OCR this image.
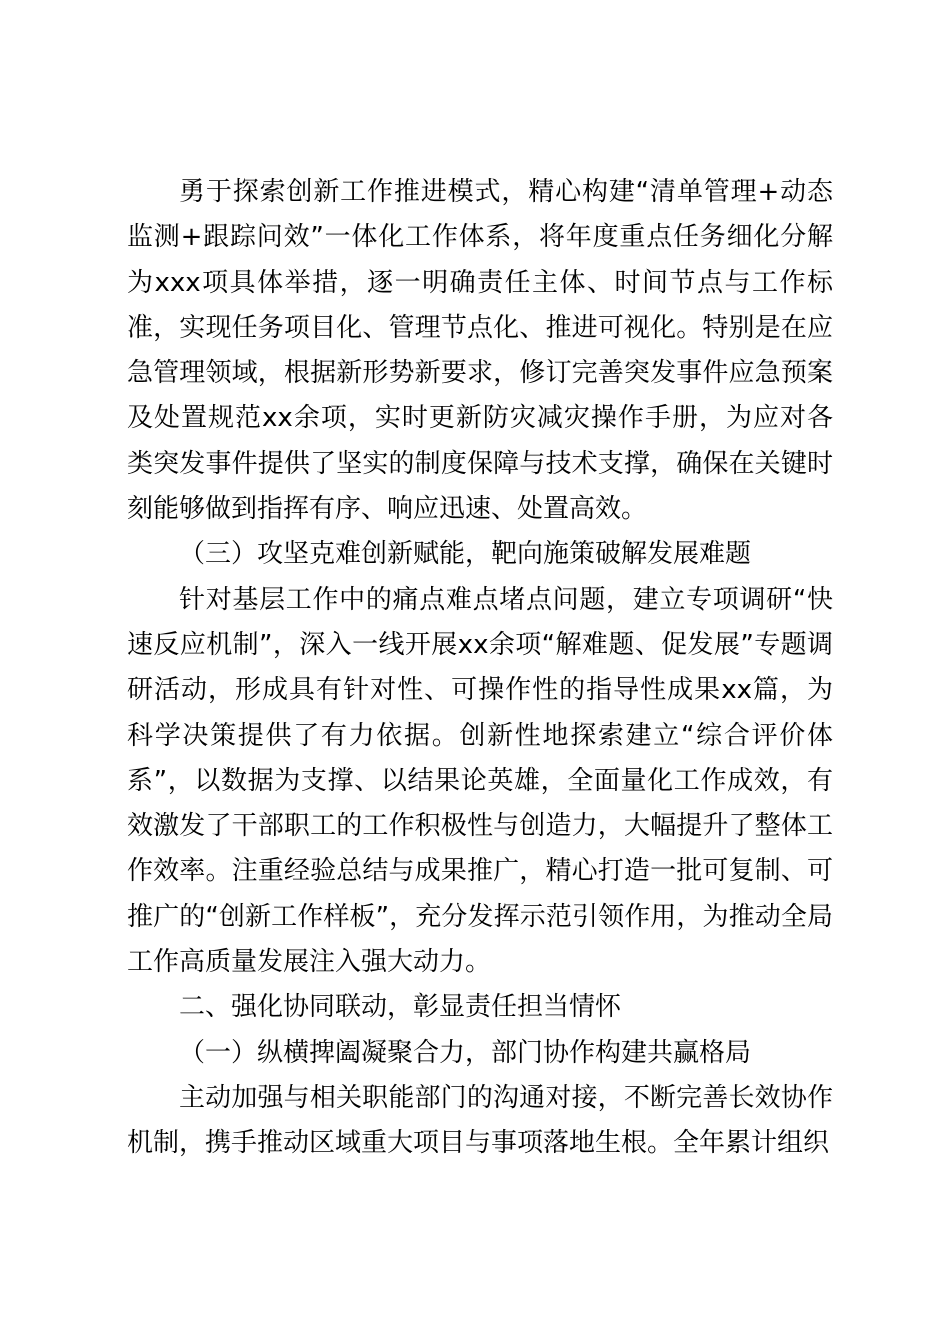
勇于探索创新工作推进模式，精心构建“清单管理+动态监测+跟踪问效”一体化工作体系，将年度重点任务细化分解为xxx项具体举措，逐一明确责任主体、时间节点与工作标准，实现任务项目化、管理节点化、推进可视化。特别是在应急管理领域，根据新形势新要求，修订完善突发事件应急预案及处置规范xx余项，实时更新防灾减灾操作手册，为应对各类突发事件提供了坚实的制度保障与技术支撑，确保在关键时刻能够做到指挥有序、响应迅速、处置高效。

（三）攻坚克难创新赋能，靶向施策破解发展难题

针对基层工作中的痛点难点堵点问题，建立专项调研“快速反应机制”，深入一线开展xx余项“解难题、促发展”专题调研活动，形成具有针对性、可操作性的指导性成果xx篇，为科学决策提供了有力依据。创新性地探索建立“综合评价体系”，以数据为支撑、以结果论英雄，全面量化工作成效，有效激发了干部职工的工作积极性与创造力，大幅提升了整体工作效率。注重经验总结与成果推广，精心打造一批可复制、可推广的“创新工作样板”，充分发挥示范引领作用，为推动全局工作高质量发展注入强大动力。

二、强化协同联动，彰显责任担当情怀

（一）纵横捭阖凝聚合力，部门协作构建共赢格局

主动加强与相关职能部门的沟通对接，不断完善长效协作机制，携手推动区域重大项目与事项落地生根。全年累计组织
